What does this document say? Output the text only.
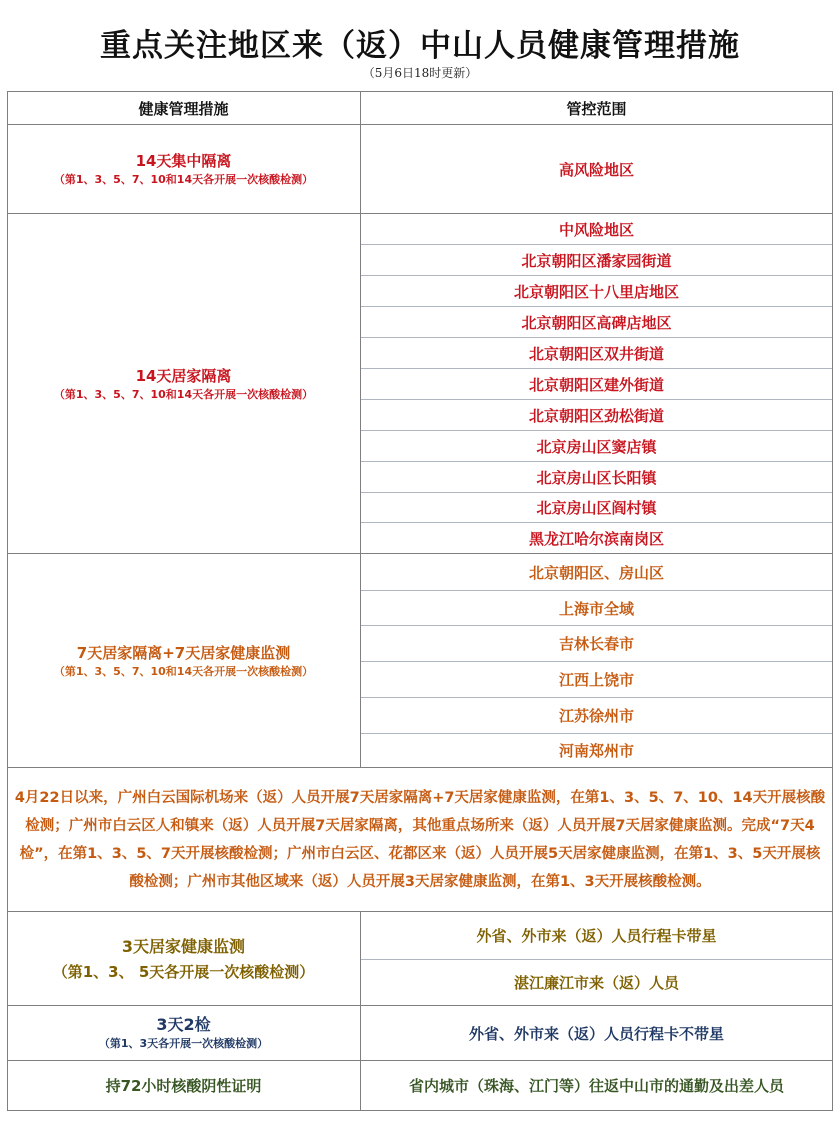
重点关注地区来（返）中山人员健康管理措施
（5月6日18时更新）
健康管理措施	管控范围
14天集中隔离
（第1、3、5、7、10和14天各开展一次核酸检测）
高风险地区
14天居家隔离
（第1、3、5、7、10和14天各开展一次核酸检测）
中风险地区
北京朝阳区潘家园街道
北京朝阳区十八里店地区
北京朝阳区高碑店地区
北京朝阳区双井街道
北京朝阳区建外街道
北京朝阳区劲松街道
北京房山区窦店镇
北京房山区长阳镇
北京房山区阎村镇
黑龙江哈尔滨南岗区
7天居家隔离+7天居家健康监测
（第1、3、5、7、10和14天各开展一次核酸检测）
北京朝阳区、房山区
上海市全域
吉林长春市
江西上饶市
江苏徐州市
河南郑州市
4月22日以来，广州白云国际机场来（返）人员开展7天居家隔离+7天居家健康监测，在第1、3、5、7、10、14天开展核酸检测；广州市白云区人和镇来（返）人员开展7天居家隔离，其他重点场所来（返）人员开展7天居家健康监测。完成“7天4检”，在第1、3、5、7天开展核酸检测；广州市白云区、花都区来（返）人员开展5天居家健康监测，在第1、3、5天开展核酸检测；广州市其他区域来（返）人员开展3天居家健康监测，在第1、3天开展核酸检测。
3天居家健康监测
（第1、3、 5天各开展一次核酸检测）
外省、外市来（返）人员行程卡带星
湛江廉江市来（返）人员
3天2检
（第1、3天各开展一次核酸检测）
外省、外市来（返）人员行程卡不带星
持72小时核酸阴性证明	省内城市（珠海、江门等）往返中山市的通勤及出差人员
